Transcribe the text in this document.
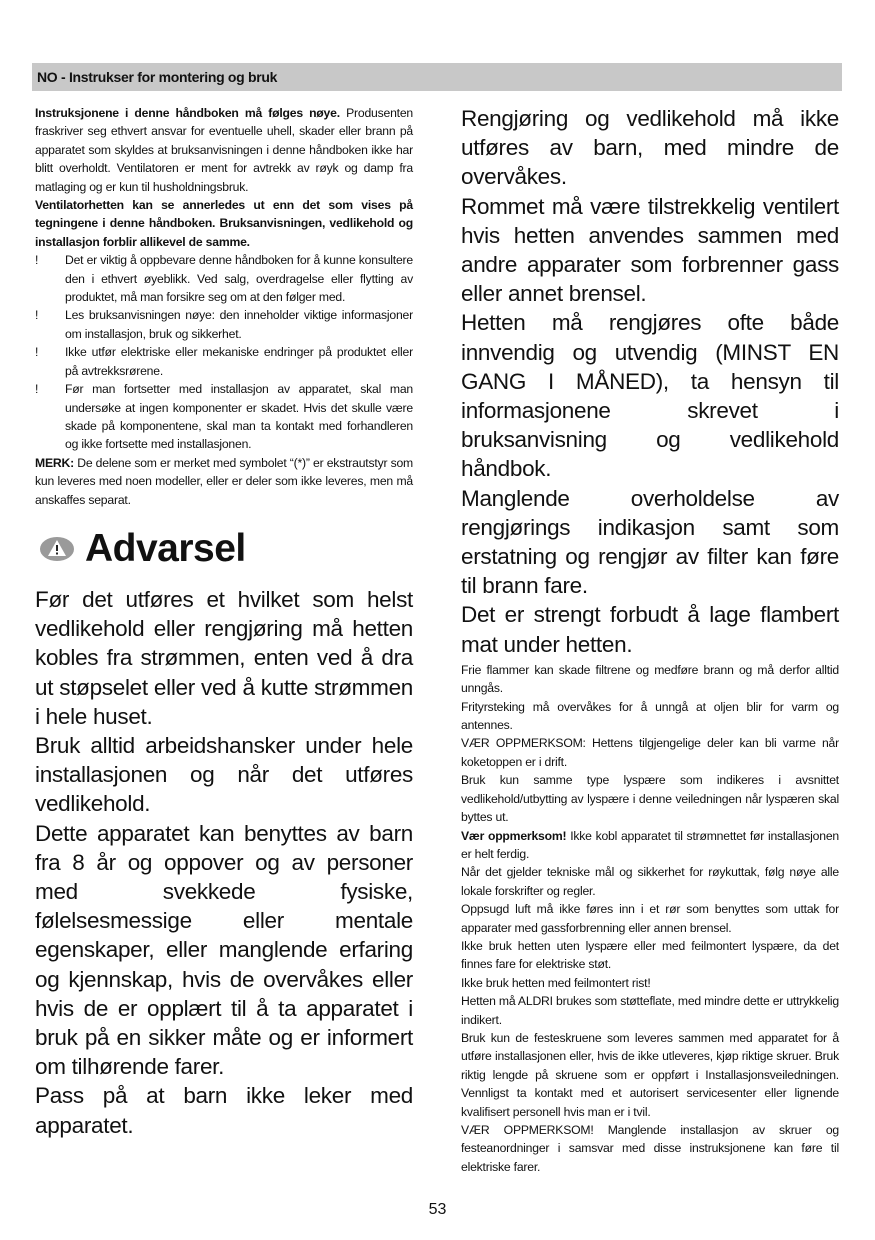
NO - Instrukser for montering og bruk

Instruksjonene i denne håndboken må følges nøye. Produsenten fraskriver seg ethvert ansvar for eventuelle uhell, skader eller brann på apparatet som skyldes at bruksanvisningen i denne håndboken ikke har blitt overholdt. Ventilatoren er ment for avtrekk av røyk og damp fra matlaging og er kun til husholdningsbruk.

Ventilatorhetten kan se annerledes ut enn det som vises på tegningene i denne håndboken. Bruksanvisningen, vedlikehold og installasjon forblir allikevel de samme.

!	Det er viktig å oppbevare denne håndboken for å kunne konsultere den i ethvert øyeblikk. Ved salg, overdragelse eller flytting av produktet, må man forsikre seg om at den følger med.
!	Les bruksanvisningen nøye: den inneholder viktige informasjoner om installasjon, bruk og sikkerhet.
!	Ikke utfør elektriske eller mekaniske endringer på produktet eller på avtrekksrørene.
!	Før man fortsetter med installasjon av apparatet, skal man undersøke at ingen komponenter er skadet. Hvis det skulle være skade på komponentene, skal man ta kontakt med forhandleren og ikke fortsette med installasjonen.

MERK: De delene som er merket med symbolet “(*)” er ekstrautstyr som kun leveres med noen modeller, eller er deler som ikke leveres, men må anskaffes separat.

Advarsel

Før det utføres et hvilket som helst vedlikehold eller rengjøring må hetten kobles fra strømmen, enten ved å dra ut støpselet eller ved å kutte strømmen i hele huset.

Bruk alltid arbeidshansker under hele installasjonen og når det utføres vedlikehold.

Dette apparatet kan benyttes av barn fra 8 år og oppover og av personer med svekkede fysiske, følelsesmessige eller mentale egenskaper, eller manglende erfaring og kjennskap, hvis de overvåkes eller hvis de er opplært til å ta apparatet i bruk på en sikker måte og er informert om tilhørende farer.

Pass på at barn ikke leker med apparatet.

Rengjøring og vedlikehold må ikke utføres av barn, med mindre de overvåkes.

Rommet må være tilstrekkelig ventilert hvis hetten anvendes sammen med andre apparater som forbrenner gass eller annet brensel.

Hetten må rengjøres ofte både innvendig og utvendig (MINST EN GANG I MÅNED), ta hensyn til informasjonene skrevet i bruksanvisning og vedlikehold håndbok.

Manglende overholdelse av rengjørings indikasjon samt som erstatning og rengjør av filter kan føre til brann fare.

Det er strengt forbudt å lage flambert mat under hetten.

Frie flammer kan skade filtrene og medføre brann og må derfor alltid unngås.

Frityrsteking må overvåkes for å unngå at oljen blir for varm og antennes.

VÆR OPPMERKSOM: Hettens tilgjengelige deler kan bli varme når koketoppen er i drift.

Bruk kun samme type lyspære som indikeres i avsnittet vedlikehold/utbytting av lyspære i denne veiledningen når lyspæren skal byttes ut.

Vær oppmerksom! Ikke kobl apparatet til strømnettet før installasjonen er helt ferdig.

Når det gjelder tekniske mål og sikkerhet for røykuttak, følg nøye alle lokale forskrifter og regler.

Oppsugd luft må ikke føres inn i et rør som benyttes som uttak for apparater med gassforbrenning eller annen brensel.

Ikke bruk hetten uten lyspære eller med feilmontert lyspære, da det finnes fare for elektriske støt.

Ikke bruk hetten med feilmontert rist!

Hetten må ALDRI brukes som støtteflate, med mindre dette er uttrykkelig indikert.

Bruk kun de festeskruene som leveres sammen med apparatet for å utføre installasjonen eller, hvis de ikke utleveres, kjøp riktige skruer. Bruk riktig lengde på skruene som er oppført i Installasjonsveiledningen. Vennligst ta kontakt med et autorisert servicesenter eller lignende kvalifisert personell hvis man er i tvil.

VÆR OPPMERKSOM! Manglende installasjon av skruer og festeanordninger i samsvar med disse instruksjonene kan føre til elektriske farer.

53
